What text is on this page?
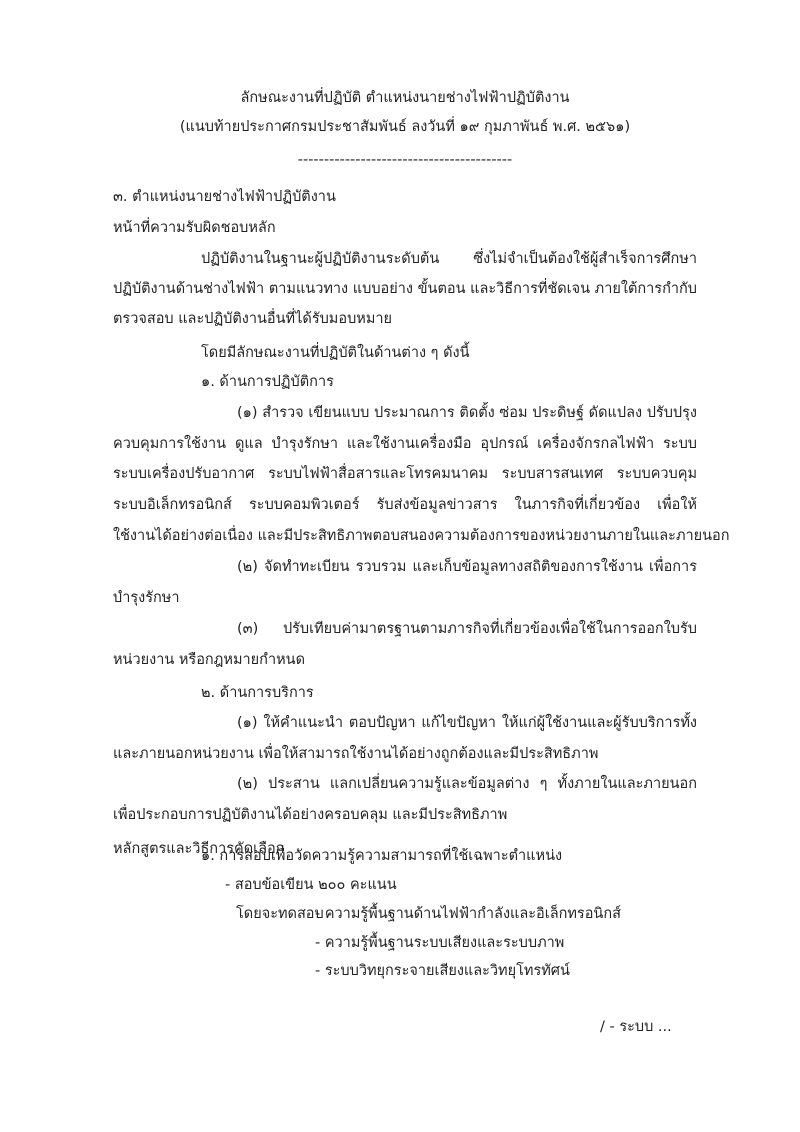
ลักษณะงานที่ปฏิบัติ ตำแหน่งนายช่างไฟฟ้าปฏิบัติงาน
(แนบท้ายประกาศกรมประชาสัมพันธ์ ลงวันที่ ๑๙ กุมภาพันธ์ พ.ศ. ๒๕๖๑)
-----------------------------------------
๓. ตำแหน่งนายช่างไฟฟ้าปฏิบัติงาน
หน้าที่ความรับผิดชอบหลัก
ปฏิบัติงานในฐานะผู้ปฏิบัติงานระดับต้น ซึ่งไม่จำเป็นต้องใช้ผู้สำเร็จการศึกษา
ปฏิบัติงานด้านช่างไฟฟ้า ตามแนวทาง แบบอย่าง ขั้นตอน และวิธีการที่ชัดเจน ภายใต้การกำกับ
ตรวจสอบ และปฏิบัติงานอื่นที่ได้รับมอบหมาย
โดยมีลักษณะงานที่ปฏิบัติในด้านต่าง ๆ ดังนี้
๑. ด้านการปฏิบัติการ
(๑) สำรวจ เขียนแบบ ประมาณการ ติดตั้ง ซ่อม ประดิษฐ์ ดัดแปลง ปรับปรุง
ควบคุมการใช้งาน ดูแล บำรุงรักษา และใช้งานเครื่องมือ อุปกรณ์ เครื่องจักรกลไฟฟ้า ระบบ
ระบบเครื่องปรับอากาศ ระบบไฟฟ้าสื่อสารและโทรคมนาคม ระบบสารสนเทศ ระบบควบคุม
ระบบอิเล็กทรอนิกส์ ระบบคอมพิวเตอร์ รับส่งข้อมูลข่าวสาร ในภารกิจที่เกี่ยวข้อง เพื่อให้
ใช้งานได้อย่างต่อเนื่อง และมีประสิทธิภาพตอบสนองความต้องการของหน่วยงานภายในและภายนอก
(๒) จัดทำทะเบียน รวบรวม และเก็บข้อมูลทางสถิติของการใช้งาน เพื่อการ
บำรุงรักษา
(๓) ปรับเทียบค่ามาตรฐานตามภารกิจที่เกี่ยวข้องเพื่อใช้ในการออกใบรับ
หน่วยงาน หรือกฎหมายกำหนด
๒. ด้านการบริการ
(๑) ให้คำแนะนำ ตอบปัญหา แก้ไขปัญหา ให้แก่ผู้ใช้งานและผู้รับบริการทั้ง
และภายนอกหน่วยงาน เพื่อให้สามารถใช้งานได้อย่างถูกต้องและมีประสิทธิภาพ
(๒) ประสาน แลกเปลี่ยนความรู้และข้อมูลต่าง ๆ ทั้งภายในและภายนอก
เพื่อประกอบการปฏิบัติงานได้อย่างครอบคลุม และมีประสิทธิภาพ
หลักสูตรและวิธีการคัดเลือก
๑. การสอบเพื่อวัดความรู้ความสามารถที่ใช้เฉพาะตำแหน่ง
- สอบข้อเขียน ๒๐๐ คะแนน
โดยจะทดสอบ
- ความรู้พื้นฐานด้านไฟฟ้ากำลังและอิเล็กทรอนิกส์
- ความรู้พื้นฐานระบบเสียงและระบบภาพ
- ระบบวิทยุกระจายเสียงและวิทยุโทรทัศน์
/ - ระบบ ...
